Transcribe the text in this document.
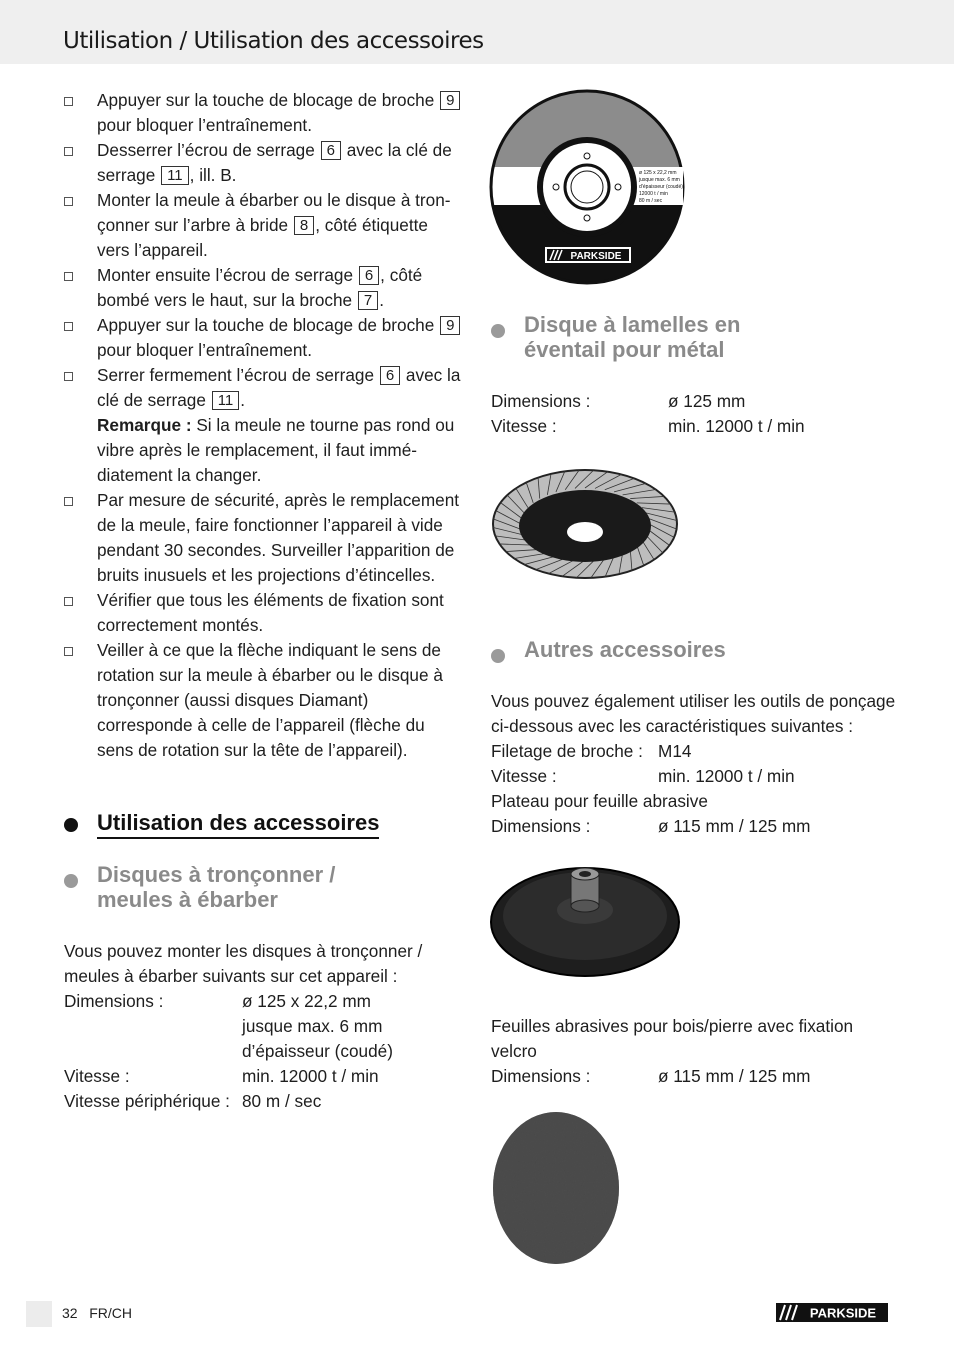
Utilisation / Utilisation des accessoires
Appuyer sur la touche de blocage de broche 9
pour bloquer l’entraînement.
Desserrer l’écrou de serrage 6 avec la clé de serrage 11 , ill. B.
Monter la meule à ébarber ou le disque à tron-çonner sur l’arbre à bride 8 , côté étiquette vers l’appareil.
Monter ensuite l’écrou de serrage 6 , côté bombé vers le haut, sur la broche 7 .
Appuyer sur la touche de blocage de broche 9
pour bloquer l’entraînement.
Serrer fermement l’écrou de serrage 6 avec la clé de serrage 11 .
Remarque : Si la meule ne tourne pas rond ou vibre après le remplacement, il faut immé-diatement la changer.
Par mesure de sécurité, après le remplacement de la meule, faire fonctionner l’appareil à vide pendant 30 secondes. Surveiller l’apparition de bruits inusuels et les projections d’étincelles.
Vérifier que tous les éléments de fixation sont correctement montés.
Veiller à ce que la flèche indiquant le sens de rotation sur la meule à ébarber ou le disque à tronçonner (aussi disques Diamant) corresponde à celle de l’appareil (flèche du sens de rotation sur la tête de l’appareil).
Utilisation des accessoires
Disques à tronçonner /
meules à ébarber
Vous pouvez monter les disques à tronçonner / meules à ébarber suivants sur cet appareil :
Dimensions :	ø 125 x 22,2 mm
jusque max. 6 mm
d’épaisseur (coudé)
Vitesse :	min. 12000 t / min
Vitesse périphérique : 80 m / sec
ø 125 x 22,2 mm
jusque max. 6 mm
d’épaisseur (coudé)
12000 t / min
80 m / sec
PARKSIDE
Disque à lamelles en
éventail pour métal
Dimensions :	ø 125 mm
Vitesse :	min. 12000 t / min
Autres accessoires
Vous pouvez également utiliser les outils de ponçage ci-dessous avec les caractéristiques suivantes :
Filetage de broche : M14
Vitesse :	min. 12000 t / min
Plateau pour feuille abrasive
Dimensions :	ø 115 mm / 125 mm
Feuilles abrasives pour bois/pierre avec fixation velcro
Dimensions :	ø 115 mm / 125 mm
32 FR/CH	PARKSIDE
